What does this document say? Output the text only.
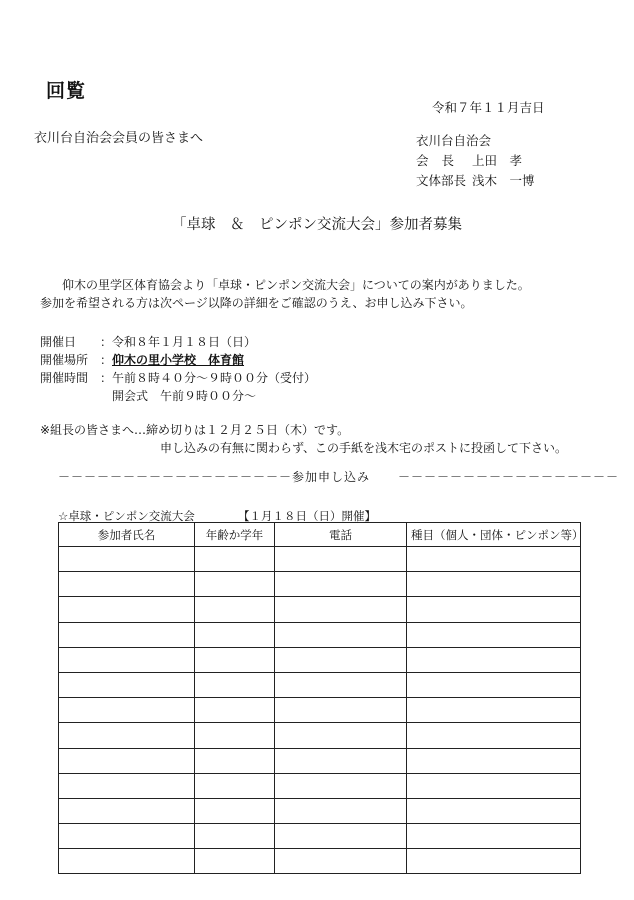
回覧
令和７年１１月吉日
衣川台自治会会員の皆さまへ	衣川台自治会
会長 上田　孝
文体部長 浅木　一博
「卓球　＆　ピンポン交流大会」参加者募集
仰木の里学区体育協会より「卓球・ピンポン交流大会」についての案内がありました。
参加を希望される方は次ページ以降の詳細をご確認のうえ、お申し込み下さい。
開催日 ：令和８年１月１８日（日）
開催場所 ：仰木の里小学校　体育館
開催時間 ：午前８時４０分～９時００分（受付）
開会式　午前９時００分～
※組長の皆さまへ…締め切りは１２月２５日（木）です。
申し込みの有無に関わらず、この手紙を浅木宅のポストに投函して下さい。
－－－－－－－－－－－－－－－－－－ 参加申し込み －－－－－－－－－－－－－－－－－
☆卓球・ピンポン交流大会	【１月１８日（日）開催】
参加者氏名	年齢か学年	電話	種目（個人・団体・ピンポン等）
